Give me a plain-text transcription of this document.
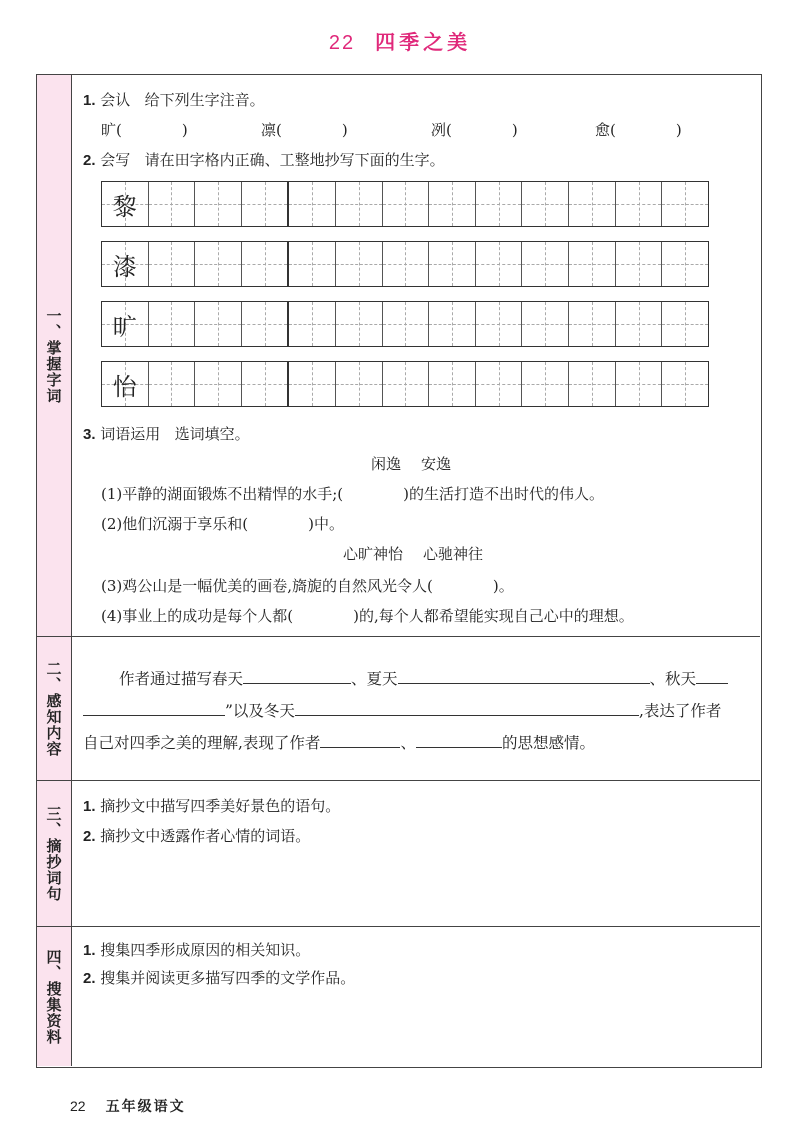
22 四季之美
一、掌握字词
1. 会认 给下列生字注音。
旷(	)	凛(	)	冽(	)	愈(	)
2. 会写 请在田字格内正确、工整地抄写下面的生字。
黎
漆
旷
怡
3. 词语运用 选词填空。
闲逸 安逸
(1)平静的湖面锻炼不出精悍的水手;(	)的生活打造不出时代的伟人。
(2)他们沉溺于享乐和(	)中。
心旷神怡 心驰神往
(3)鸡公山是一幅优美的画卷,旖旎的自然风光令人(	)。
(4)事业上的成功是每个人都(	)的,每个人都希望能实现自己心中的理想。
二、感知内容	作者通过描写春天	、夏天	、秋天
”以及冬天	,表达了作者
自己对四季之美的理解,表现了作者	、	的思想感情。
三、摘抄词句 1. 摘抄文中描写四季美好景色的语句。
2. 摘抄文中透露作者心情的词语。
四、搜集资料 1. 搜集四季形成原因的相关知识。
2. 搜集并阅读更多描写四季的文学作品。
22 五年级语文
